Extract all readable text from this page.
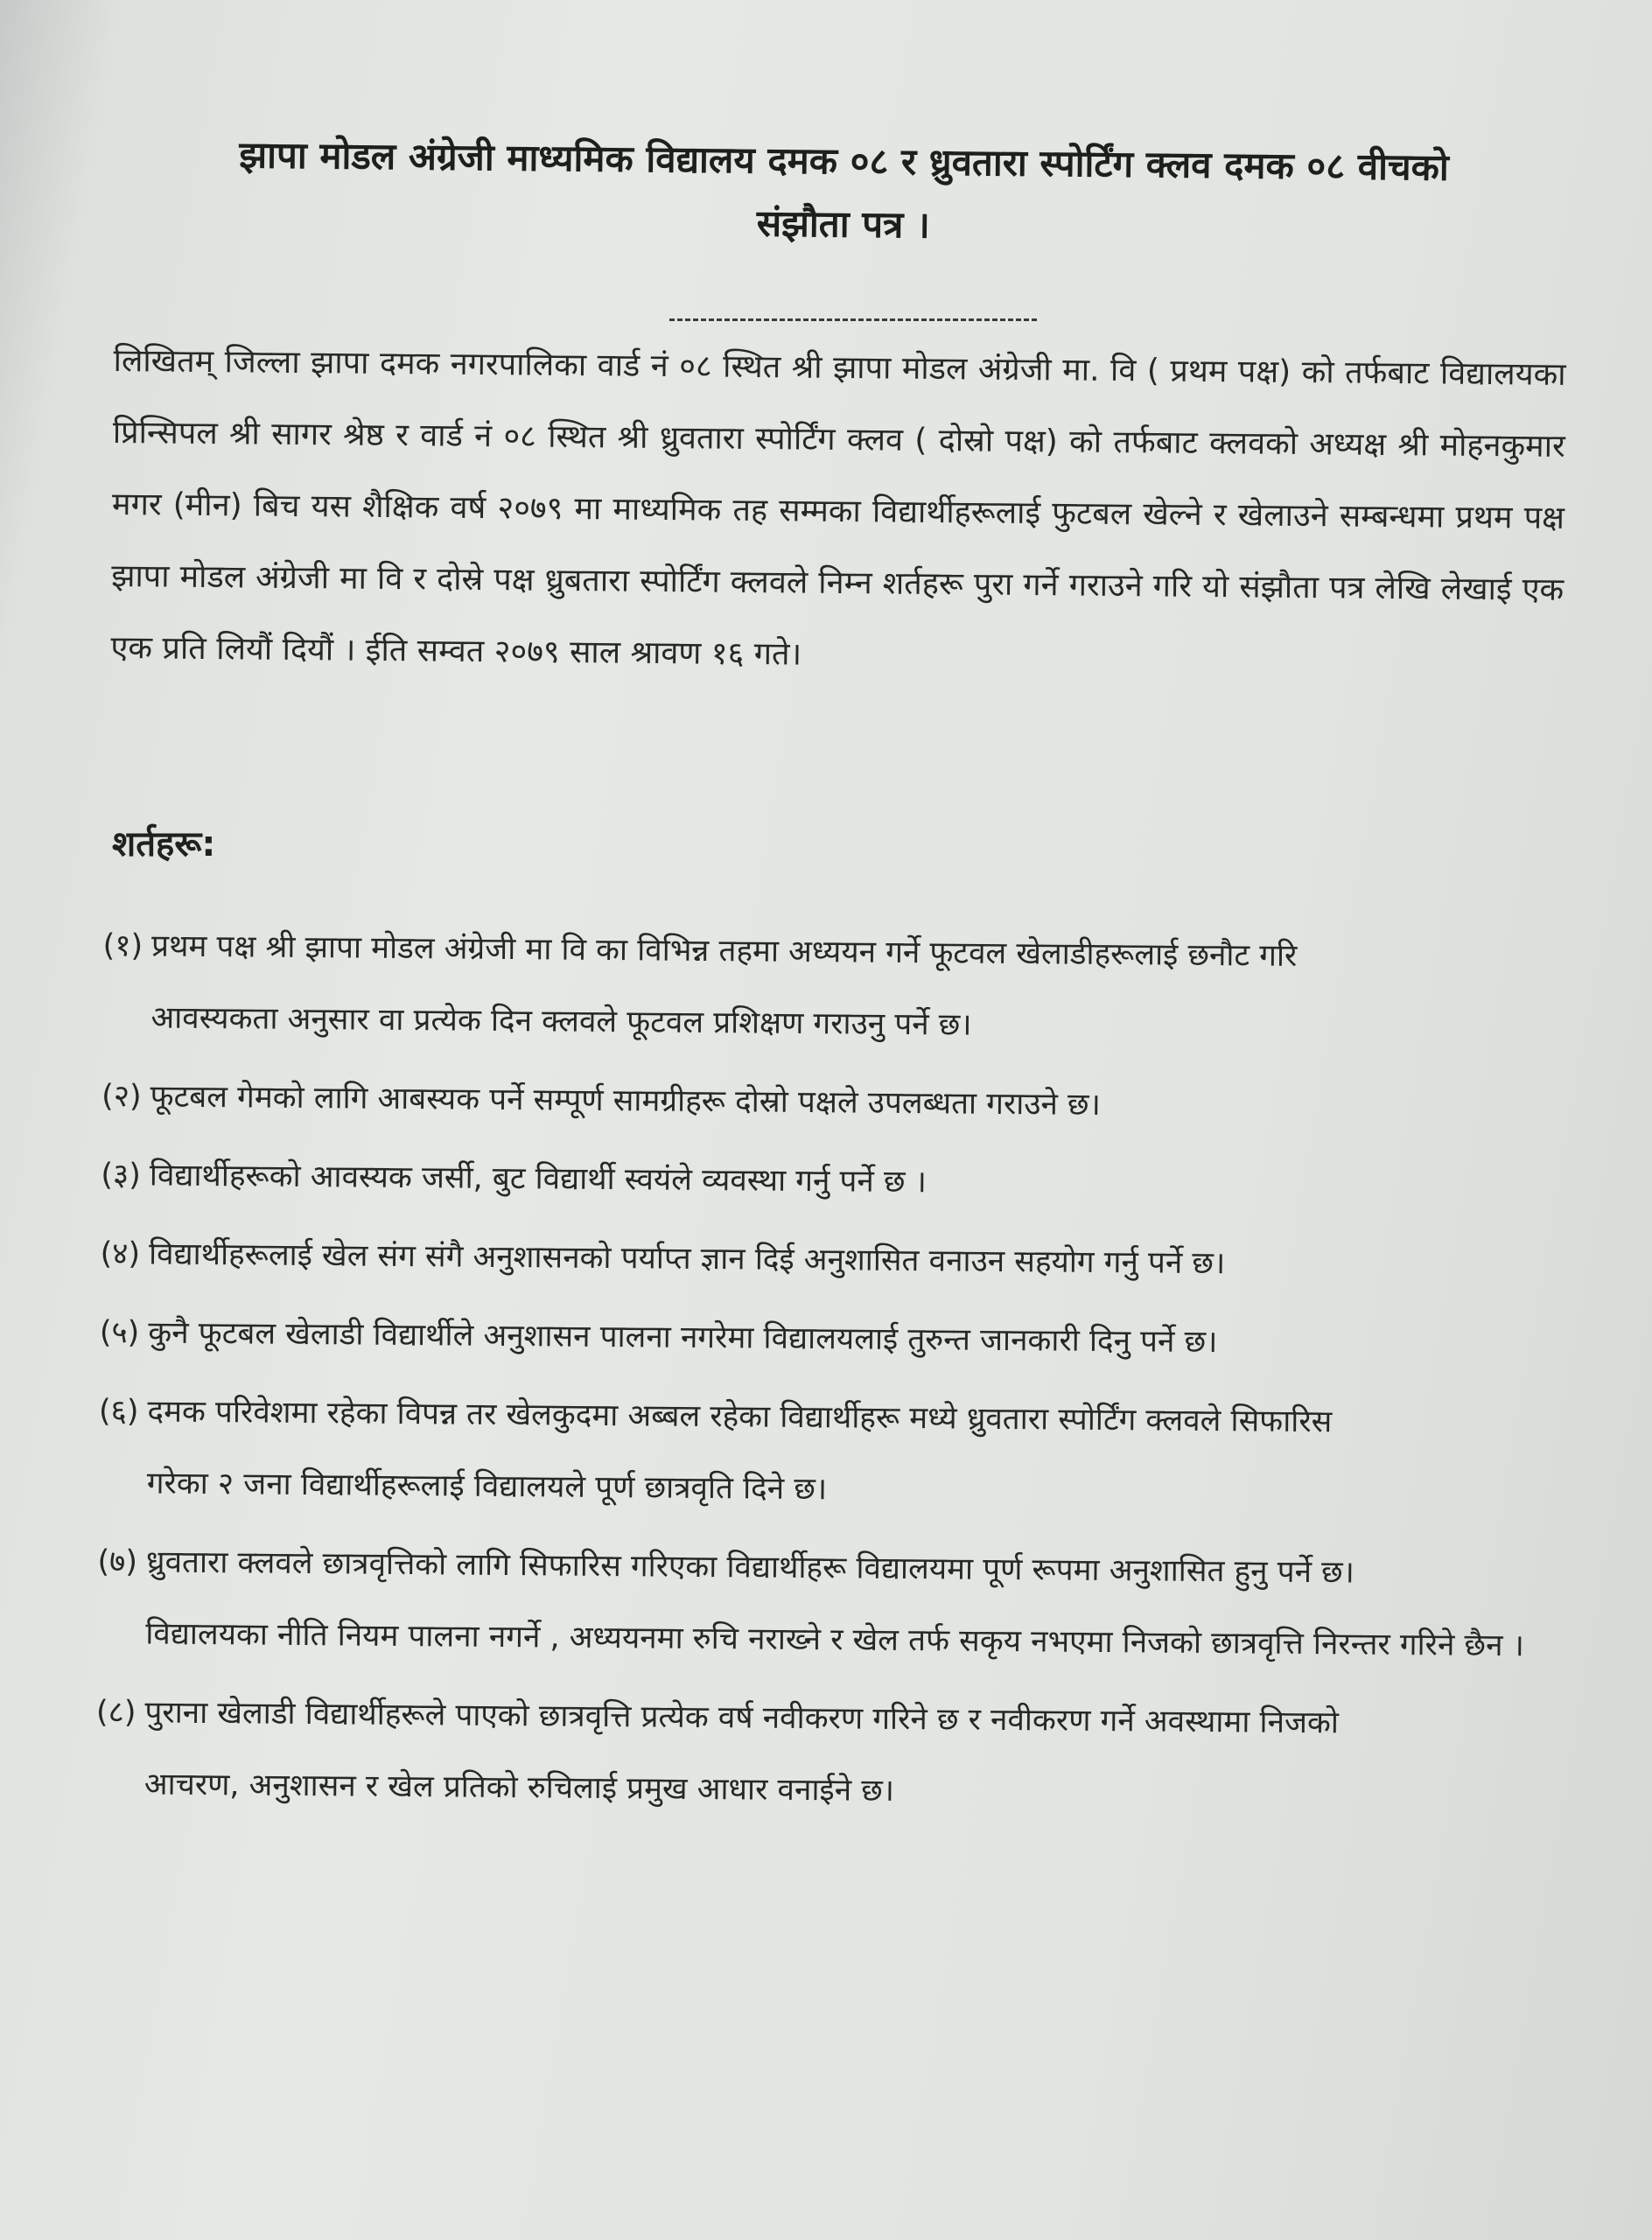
झापा मोडल अंग्रेजी माध्यमिक विद्यालय दमक ०८ र ध्रुवतारा स्पोर्टिंग क्लव दमक ०८ वीचको
संझौता पत्र ।
लिखितम् जिल्ला झापा दमक नगरपालिका वार्ड नं ०८ स्थित श्री झापा मोडल अंग्रेजी मा. वि ( प्रथम पक्ष) को तर्फबाट विद्यालयका प्रिन्सिपल श्री सागर श्रेष्ठ र वार्ड नं ०८ स्थित श्री ध्रुवतारा स्पोर्टिंग क्लव ( दोस्रो पक्ष) को तर्फबाट क्लवको अध्यक्ष श्री मोहनकुमार मगर (मीन) बिच यस शैक्षिक वर्ष २०७९ मा माध्यमिक तह सम्मका विद्यार्थीहरूलाई फुटबल खेल्ने र खेलाउने सम्बन्धमा प्रथम पक्ष झापा मोडल अंग्रेजी मा वि र दोस्रे पक्ष ध्रुबतारा स्पोर्टिंग क्लवले निम्न शर्तहरू पुरा गर्ने गराउने गरि यो संझौता पत्र लेखि लेखाई एक एक प्रति लियौं दियौं । ईति सम्वत २०७९ साल श्रावण १६ गते।
शर्तहरू:
(१) प्रथम पक्ष श्री झापा मोडल अंग्रेजी मा वि का विभिन्न तहमा अध्ययन गर्ने फूटवल खेलाडीहरूलाई छनौट गरि
आवस्यकता अनुसार वा प्रत्येक दिन क्लवले फूटवल प्रशिक्षण गराउनु पर्ने छ।
(२) फूटबल गेमको लागि आबस्यक पर्ने सम्पूर्ण सामग्रीहरू दोस्रो पक्षले उपलब्धता गराउने छ।
(३) विद्यार्थीहरूको आवस्यक जर्सी, बुट विद्यार्थी स्वयंले व्यवस्था गर्नु पर्ने छ ।
(४) विद्यार्थीहरूलाई खेल संग संगै अनुशासनको पर्याप्त ज्ञान दिई अनुशासित वनाउन सहयोग गर्नु पर्ने छ।
(५) कुनै फूटबल खेलाडी विद्यार्थीले अनुशासन पालना नगरेमा विद्यालयलाई तुरुन्त जानकारी दिनु पर्ने छ।
(६) दमक परिवेशमा रहेका विपन्न तर खेलकुदमा अब्बल रहेका विद्यार्थीहरू मध्ये ध्रुवतारा स्पोर्टिंग क्लवले सिफारिस
गरेका २ जना विद्यार्थीहरूलाई विद्यालयले पूर्ण छात्रवृति दिने छ।
(७) ध्रुवतारा क्लवले छात्रवृत्तिको लागि सिफारिस गरिएका विद्यार्थीहरू विद्यालयमा पूर्ण रूपमा अनुशासित हुनु पर्ने छ।
विद्यालयका नीति नियम पालना नगर्ने , अध्ययनमा रुचि नराख्ने र खेल तर्फ सकृय नभएमा निजको छात्रवृत्ति निरन्तर गरिने छैन ।
(८) पुराना खेलाडी विद्यार्थीहरूले पाएको छात्रवृत्ति प्रत्येक वर्ष नवीकरण गरिने छ र नवीकरण गर्ने अवस्थामा निजको
आचरण, अनुशासन र खेल प्रतिको रुचिलाई प्रमुख आधार वनाईने छ।
